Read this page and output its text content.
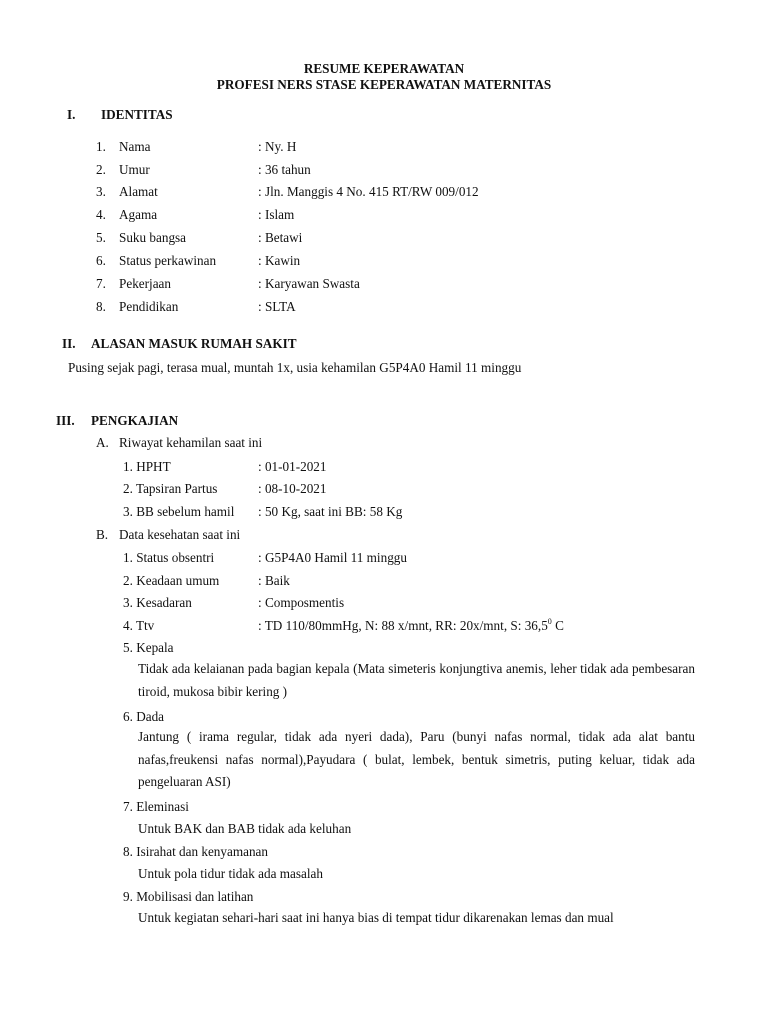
RESUME KEPERAWATAN
PROFESI NERS STASE KEPERAWATAN MATERNITAS
I. IDENTITAS
1. Nama	: Ny. H
2. Umur	: 36 tahun
3. Alamat	: Jln. Manggis 4 No. 415 RT/RW 009/012
4. Agama	: Islam
5. Suku bangsa	: Betawi
6. Status perkawinan	: Kawin
7. Pekerjaan	: Karyawan Swasta
8. Pendidikan	: SLTA
II. ALASAN MASUK RUMAH SAKIT
Pusing sejak pagi, terasa mual, muntah 1x, usia kehamilan G5P4A0 Hamil 11 minggu
III. PENGKAJIAN
A. Riwayat kehamilan saat ini
1. HPHT	: 01-01-2021
2. Tapsiran Partus	: 08-10-2021
3. BB sebelum hamil : 50 Kg, saat ini BB: 58 Kg
B. Data kesehatan saat ini
1. Status obsentri	: G5P4A0 Hamil 11 minggu
2. Keadaan umum	: Baik
3. Kesadaran	: Composmentis
4. Ttv	: TD 110/80mmHg, N: 88 x/mnt, RR: 20x/mnt, S: 36,5$^0$ C
5. Kepala
Tidak ada kelaianan pada bagian kepala (Mata simeteris konjungtiva anemis, leher tidak ada pembesaran tiroid, mukosa bibir kering )
6. Dada
Jantung ( irama regular, tidak ada nyeri dada), Paru (bunyi nafas normal, tidak ada alat bantu nafas,freukensi nafas normal),Payudara ( bulat, lembek, bentuk simetris, puting keluar, tidak ada pengeluaran ASI)
7. Eleminasi
Untuk BAK dan BAB tidak ada keluhan
8. Isirahat dan kenyamanan
Untuk pola tidur tidak ada masalah
9. Mobilisasi dan latihan
Untuk kegiatan sehari-hari saat ini hanya bias di tempat tidur dikarenakan lemas dan mual
